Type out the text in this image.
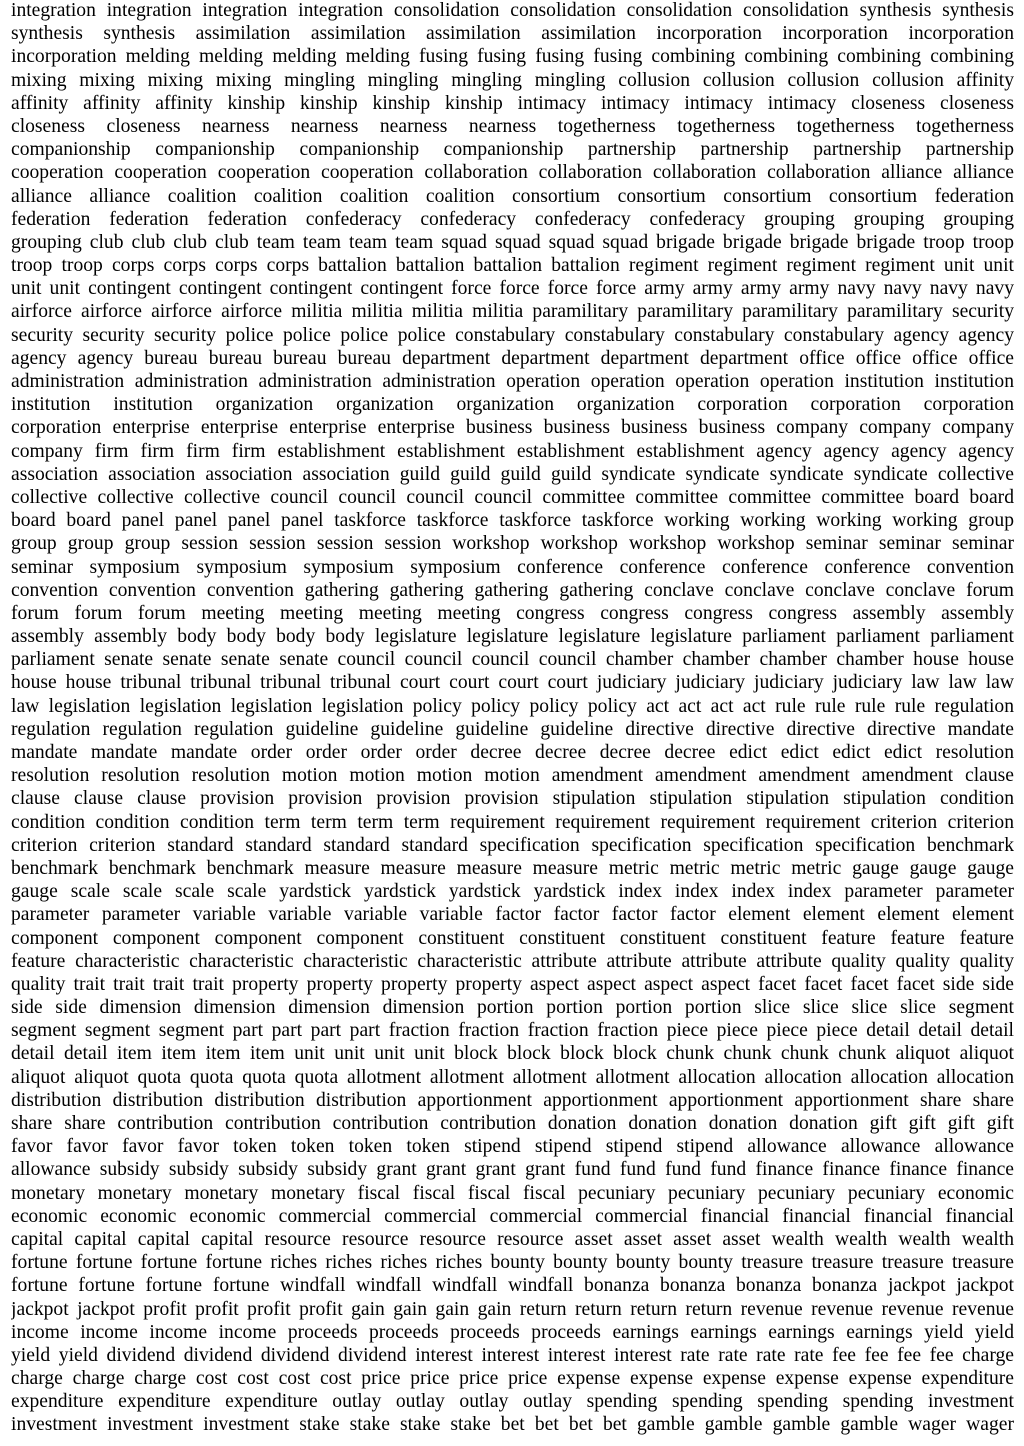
integration integration integration integration consolidation consolidation consolidation consolidation synthesis synthesis
synthesis synthesis assimilation assimilation assimilation assimilation incorporation incorporation incorporation
incorporation melding melding melding melding fusing fusing fusing fusing combining combining combining combining
mixing mixing mixing mixing mingling mingling mingling mingling collusion collusion collusion collusion affinity
affinity affinity affinity kinship kinship kinship kinship intimacy intimacy intimacy intimacy closeness closeness
closeness closeness nearness nearness nearness nearness togetherness togetherness togetherness togetherness
companionship companionship companionship companionship partnership partnership partnership partnership
cooperation cooperation cooperation cooperation collaboration collaboration collaboration collaboration alliance alliance
alliance alliance coalition coalition coalition coalition consortium consortium consortium consortium federation
federation federation federation confederacy confederacy confederacy confederacy grouping grouping grouping
grouping club club club club team team team team squad squad squad squad brigade brigade brigade brigade troop troop
troop troop corps corps corps corps battalion battalion battalion battalion regiment regiment regiment regiment unit unit
unit unit contingent contingent contingent contingent force force force force army army army army navy navy navy navy
airforce airforce airforce airforce militia militia militia militia paramilitary paramilitary paramilitary paramilitary security
security security security police police police police constabulary constabulary constabulary constabulary agency agency
agency agency bureau bureau bureau bureau department department department department office office office office
administration administration administration administration operation operation operation operation institution institution
institution institution organization organization organization organization corporation corporation corporation
corporation enterprise enterprise enterprise enterprise business business business business company company company
company firm firm firm firm establishment establishment establishment establishment agency agency agency agency
association association association association guild guild guild guild syndicate syndicate syndicate syndicate collective
collective collective collective council council council council committee committee committee committee board board
board board panel panel panel panel taskforce taskforce taskforce taskforce working working working working group
group group group session session session session workshop workshop workshop workshop seminar seminar seminar
seminar symposium symposium symposium symposium conference conference conference conference convention
convention convention convention gathering gathering gathering gathering conclave conclave conclave conclave forum
forum forum forum meeting meeting meeting meeting congress congress congress congress assembly assembly
assembly assembly body body body body legislature legislature legislature legislature parliament parliament parliament
parliament senate senate senate senate council council council council chamber chamber chamber chamber house house
house house tribunal tribunal tribunal tribunal court court court court judiciary judiciary judiciary judiciary law law law
law legislation legislation legislation legislation policy policy policy policy act act act act rule rule rule rule regulation
regulation regulation regulation guideline guideline guideline guideline directive directive directive directive mandate
mandate mandate mandate order order order order decree decree decree decree edict edict edict edict resolution
resolution resolution resolution motion motion motion motion amendment amendment amendment amendment clause
clause clause clause provision provision provision provision stipulation stipulation stipulation stipulation condition
condition condition condition term term term term requirement requirement requirement requirement criterion criterion
criterion criterion standard standard standard standard specification specification specification specification benchmark
benchmark benchmark benchmark measure measure measure measure metric metric metric metric gauge gauge gauge
gauge scale scale scale scale yardstick yardstick yardstick yardstick index index index index parameter parameter
parameter parameter variable variable variable variable factor factor factor factor element element element element
component component component component constituent constituent constituent constituent feature feature feature
feature characteristic characteristic characteristic characteristic attribute attribute attribute attribute quality quality quality
quality trait trait trait trait property property property property aspect aspect aspect aspect facet facet facet facet side side
side side dimension dimension dimension dimension portion portion portion portion slice slice slice slice segment
segment segment segment part part part part fraction fraction fraction fraction piece piece piece piece detail detail detail
detail detail item item item item unit unit unit unit block block block block chunk chunk chunk chunk aliquot aliquot
aliquot aliquot quota quota quota quota allotment allotment allotment allotment allocation allocation allocation allocation
distribution distribution distribution distribution apportionment apportionment apportionment apportionment share share
share share contribution contribution contribution contribution donation donation donation donation gift gift gift gift
favor favor favor favor token token token token stipend stipend stipend stipend allowance allowance allowance
allowance subsidy subsidy subsidy subsidy grant grant grant grant fund fund fund fund finance finance finance finance
monetary monetary monetary monetary fiscal fiscal fiscal fiscal pecuniary pecuniary pecuniary pecuniary economic
economic economic economic commercial commercial commercial commercial financial financial financial financial
capital capital capital capital resource resource resource resource asset asset asset asset wealth wealth wealth wealth
fortune fortune fortune fortune riches riches riches riches bounty bounty bounty bounty treasure treasure treasure treasure
fortune fortune fortune fortune windfall windfall windfall windfall bonanza bonanza bonanza bonanza jackpot jackpot
jackpot jackpot profit profit profit profit gain gain gain gain return return return return revenue revenue revenue revenue
income income income income proceeds proceeds proceeds proceeds earnings earnings earnings earnings yield yield
yield yield dividend dividend dividend dividend interest interest interest interest rate rate rate rate fee fee fee fee charge
charge charge charge cost cost cost cost price price price price expense expense expense expense expense expenditure
expenditure expenditure expenditure outlay outlay outlay outlay spending spending spending spending investment
investment investment investment stake stake stake stake bet bet bet bet gamble gamble gamble gamble wager wager
